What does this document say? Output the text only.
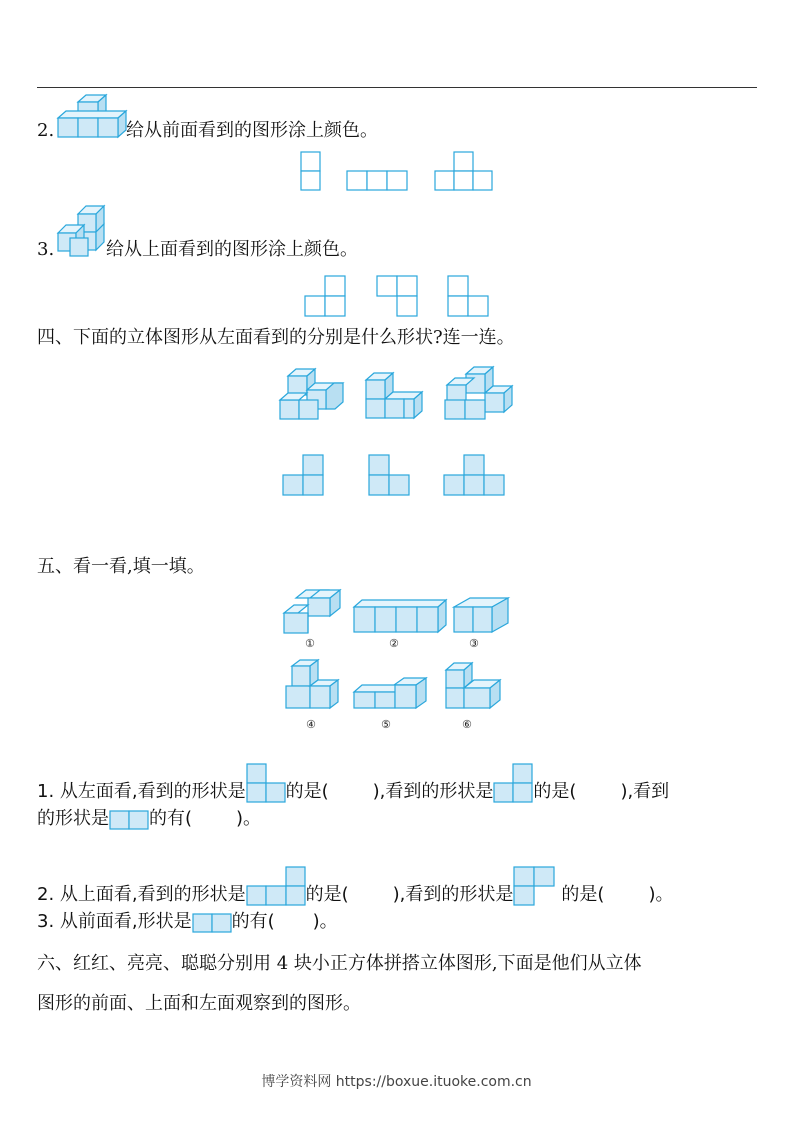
2.	给从前面看到的图形涂上颜色。
3.	给从上面看到的图形涂上颜色。
四、下面的立体图形从左面看到的分别是什么形状?连一连。
五、看一看,填一填。
①	②	③
④	⑤	⑥
1. 从左面看,看到的形状是 的是( ),看到的形状是 的是( ),看到
的形状是 的有( )。
2. 从上面看,看到的形状是	的是( ),看到的形状是	的是( )。
3. 从前面看,形状是 的有( )。
六、红红、亮亮、聪聪分别用 4 块小正方体拼搭立体图形,下面是他们从立体
图形的前面、上面和左面观察到的图形。
博学资料网 https://boxue.ituoke.com.cn
